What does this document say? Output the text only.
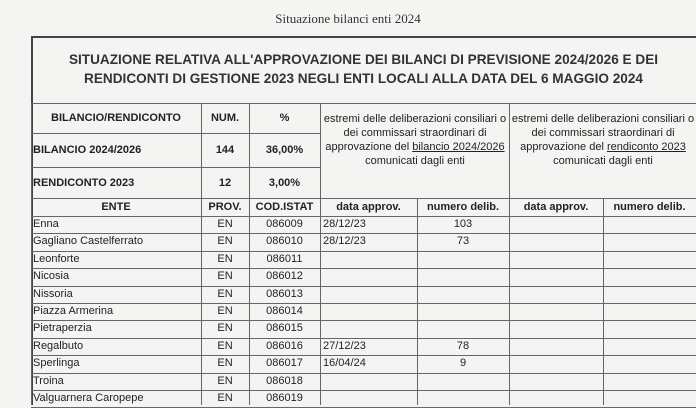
Situazione bilanci enti 2024
SITUAZIONE RELATIVA ALL'APPROVAZIONE DEI BILANCI DI PREVISIONE 2024/2026 E DEI
RENDICONTI DI GESTIONE 2023 NEGLI ENTI LOCALI ALLA DATA DEL 6 MAGGIO 2024
BILANCIO/RENDICONTO	NUM.	%
BILANCIO 2024/2026	144	36,00%
RENDICONTO 2023	12	3,00%
estremi delle deliberazioni consiliari o dei commissari straordinari di approvazione del bilancio 2024/2026 comunicati dagli enti
estremi delle deliberazioni consiliari o dei commissari straordinari di approvazione del rendiconto 2023 comunicati dagli enti
ENTE	PROV.	COD.ISTAT	data approv.	numero delib.	data approv.	numero delib.
Enna	EN	086009	28/12/23	103
Gagliano Castelferrato	EN	086010	28/12/23	73
Leonforte	EN	086011
Nicosia	EN	086012
Nissoria	EN	086013
Piazza Armerina	EN	086014
Pietraperzia	EN	086015
Regalbuto	EN	086016	27/12/23	78
Sperlinga	EN	086017	16/04/24	9
Troina	EN	086018
Valguarnera Caropepe	EN	086019
